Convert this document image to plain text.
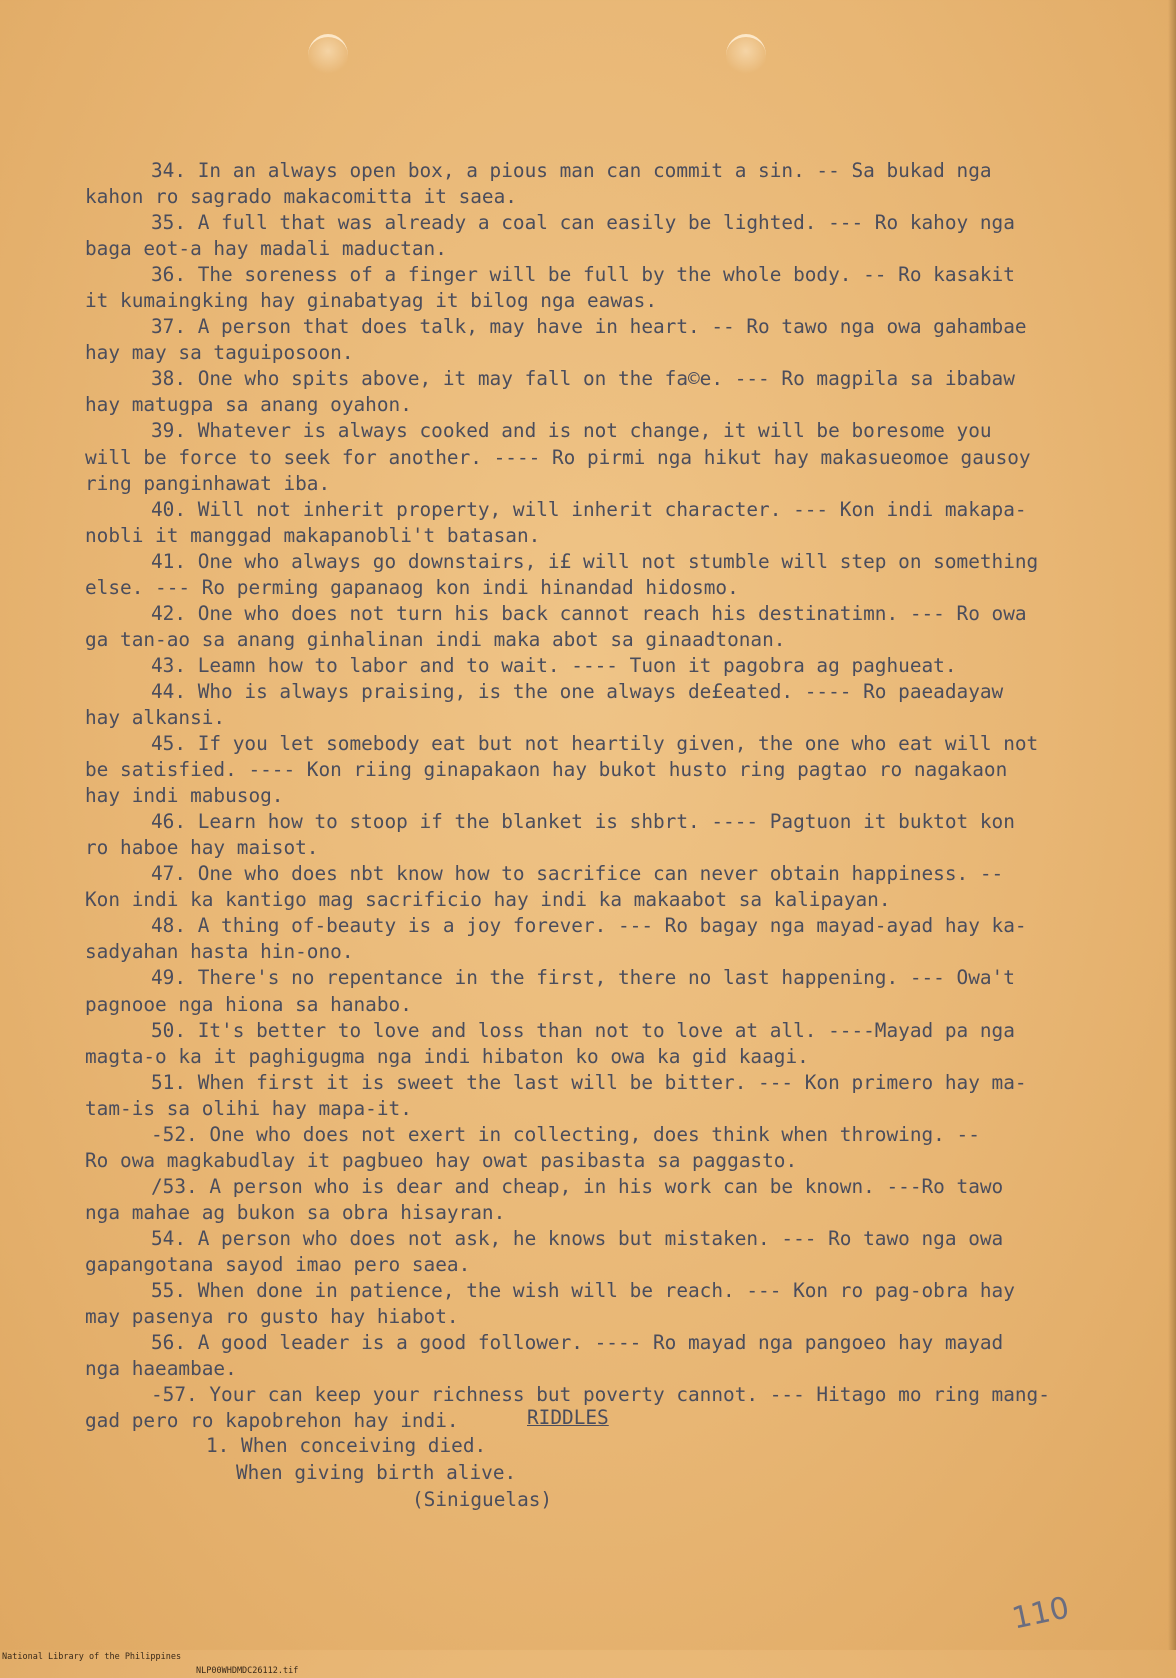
34. In an always open box, a pious man can commit a sin. -- Sa bukad nga
kahon ro sagrado makacomitta it saea.
35. A full that was already a coal can easily be lighted. --- Ro kahoy nga
baga eot-a hay madali maductan.
36. The soreness of a finger will be full by the whole body. -- Ro kasakit
it kumaingking hay ginabatyag it bilog nga eawas.
37. A person that does talk, may have in heart. -- Ro tawo nga owa gahambae
hay may sa taguiposoon.
38. One who spits above, it may fall on the fa©e. --- Ro magpila sa ibabaw
hay matugpa sa anang oyahon.
39. Whatever is always cooked and is not change, it will be boresome you
will be force to seek for another. ---- Ro pirmi nga hikut hay makasueomoe gausoy
ring panginhawat iba.
40. Will not inherit property, will inherit character. --- Kon indi makapa-
nobli it manggad makapanobli't batasan.
41. One who always go downstairs, i£ will not stumble will step on something
else. --- Ro perming gapanaog kon indi hinandad hidosmo.
42. One who does not turn his back cannot reach his destinatimn. --- Ro owa
ga tan-ao sa anang ginhalinan indi maka abot sa ginaadtonan.
43. Leamn how to labor and to wait. ---- Tuon it pagobra ag paghueat.
44. Who is always praising, is the one always de£eated. ---- Ro paeadayaw
hay alkansi.
45. If you let somebody eat but not heartily given, the one who eat will not
be satisfied. ---- Kon riing ginapakaon hay bukot husto ring pagtao ro nagakaon
hay indi mabusog.
46. Learn how to stoop if the blanket is shbrt. ---- Pagtuon it buktot kon
ro haboe hay maisot.
47. One who does nbt know how to sacrifice can never obtain happiness. --
Kon indi ka kantigo mag sacrificio hay indi ka makaabot sa kalipayan.
48. A thing of-beauty is a joy forever. --- Ro bagay nga mayad-ayad hay ka-
sadyahan hasta hin-ono.
49. There's no repentance in the first, there no last happening. --- Owa't
pagnooe nga hiona sa hanabo.
50. It's better to love and loss than not to love at all. ----Mayad pa nga
magta-o ka it paghigugma nga indi hibaton ko owa ka gid kaagi.
51. When first it is sweet the last will be bitter. --- Kon primero hay ma-
tam-is sa olihi hay mapa-it.
-52. One who does not exert in collecting, does think when throwing. --
Ro owa magkabudlay it pagbueo hay owat pasibasta sa paggasto.
/53. A person who is dear and cheap, in his work can be known. ---Ro tawo
nga mahae ag bukon sa obra hisayran.
54. A person who does not ask, he knows but mistaken. --- Ro tawo nga owa
gapangotana sayod imao pero saea.
55. When done in patience, the wish will be reach. --- Kon ro pag-obra hay
may pasenya ro gusto hay hiabot.
56. A good leader is a good follower. ---- Ro mayad nga pangoeo hay mayad
nga haeambae.
-57. Your can keep your richness but poverty cannot. --- Hitago mo ring mang-
gad pero ro kapobrehon hay indi.	RIDDLES
1. When conceiving died.
When giving birth alive.
(Siniguelas)
110

National Library of the Philippines

NLP00WHDMDC26112.tif
